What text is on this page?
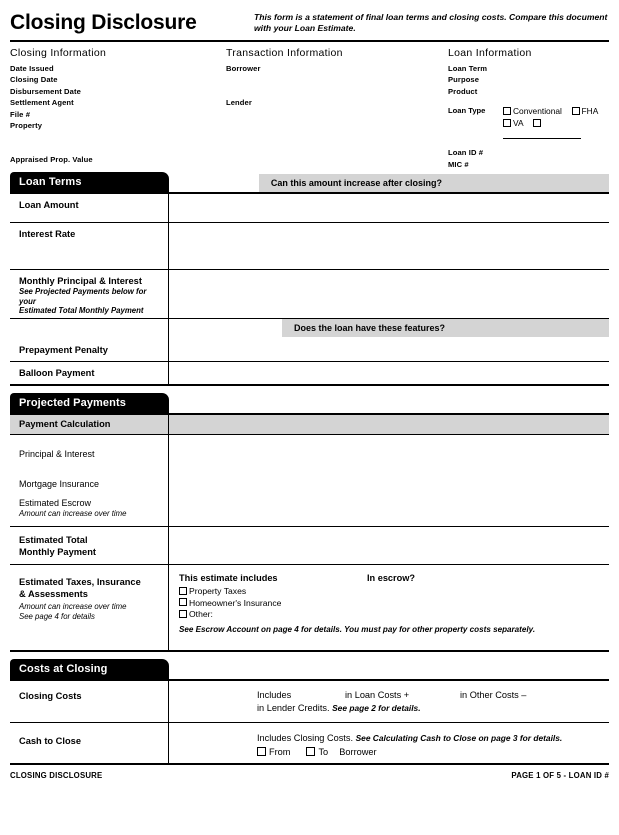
Closing Disclosure	This form is a statement of final loan terms and closing costs. Compare this document with your Loan Estimate.
Closing Information
Date Issued
Closing Date
Disbursement Date
Settlement Agent
File #
Property
Appraised Prop. Value
Transaction Information
Borrower
Lender
Loan Information
Loan Term
Purpose
Product
Loan Type	Conventional FHA
VA
Loan ID #
MIC #
Loan Terms	Can this amount increase after closing?
Loan Amount
Interest Rate
Monthly Principal & Interest
See Projected Payments below for your
Estimated Total Monthly Payment
Prepayment Penalty
Does the loan have these features?
Balloon Payment
Projected Payments
Payment Calculation
Principal & Interest
Mortgage Insurance
Estimated Escrow
Amount can increase over time
Estimated Total
Monthly Payment
Estimated Taxes, Insurance
& Assessments
Amount can increase over time
See page 4 for details
This estimate includes	In escrow?
Property Taxes
Homeowner's Insurance
Other:
See Escrow Account on page 4 for details. You must pay for other property costs separately.
Costs at Closing
Closing Costs	Includes	in Loan Costs +	in Other Costs –
in Lender Credits. See page 2 for details.
Cash to Close	Includes Closing Costs. See Calculating Cash to Close on page 3 for details.
From	To Borrower
CLOSING DISCLOSURE	PAGE 1 OF 5 - LOAN ID #
